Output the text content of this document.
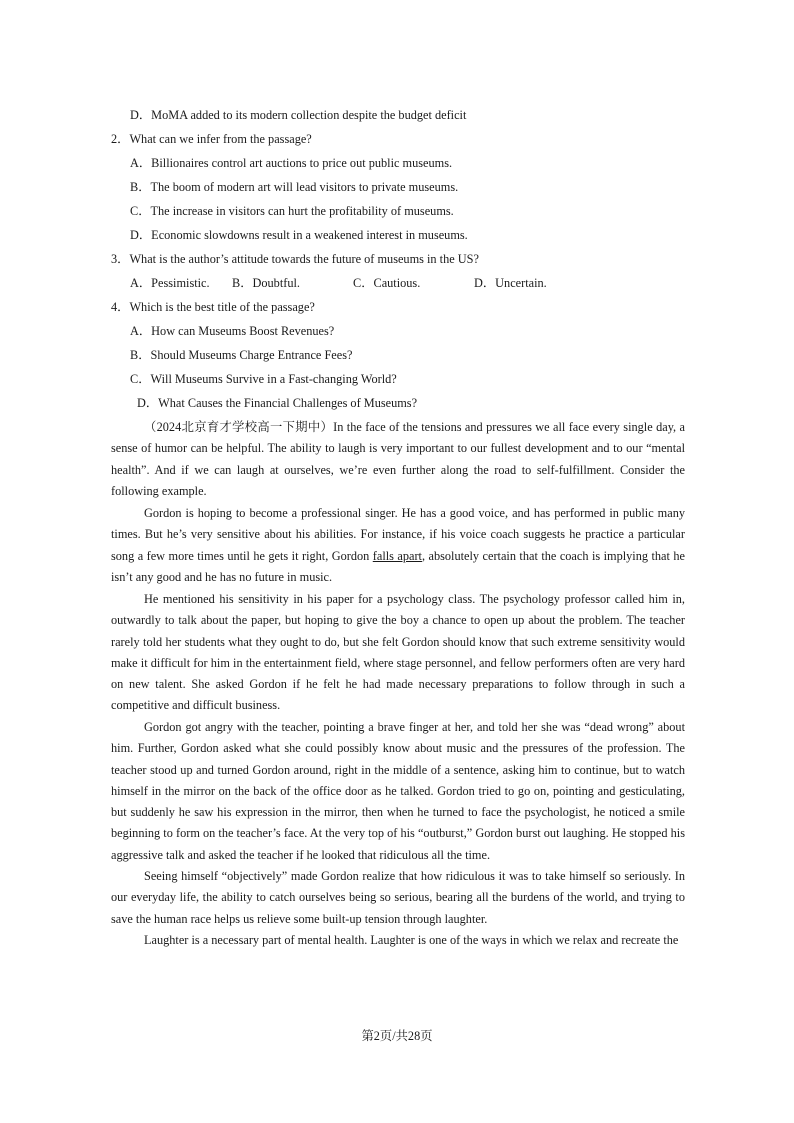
D．MoMA added to its modern collection despite the budget deficit
2．What can we infer from the passage?
A．Billionaires control art auctions to price out public museums.
B．The boom of modern art will lead visitors to private museums.
C．The increase in visitors can hurt the profitability of museums.
D．Economic slowdowns result in a weakened interest in museums.
3．What is the author’s attitude towards the future of museums in the US?
A．Pessimistic. B．Doubtful.	C．Cautious.	D．Uncertain.
4．Which is the best title of the passage?
A．How can Museums Boost Revenues?
B．Should Museums Charge Entrance Fees?
C．Will Museums Survive in a Fast-changing World?
D．What Causes the Financial Challenges of Museums?
（2024北京育才学校高一下期中）In the face of the tensions and pressures we all face every single day, a sense of humor can be helpful. The ability to laugh is very important to our fullest development and to our “mental health”. And if we can laugh at ourselves, we’re even further along the road to self-fulfillment. Consider the following example.
Gordon is hoping to become a professional singer. He has a good voice, and has performed in public many times. But he’s very sensitive about his abilities. For instance, if his voice coach suggests he practice a particular song a few more times until he gets it right, Gordon falls apart, absolutely certain that the coach is implying that he isn’t any good and he has no future in music.
He mentioned his sensitivity in his paper for a psychology class. The psychology professor called him in, outwardly to talk about the paper, but hoping to give the boy a chance to open up about the problem. The teacher rarely told her students what they ought to do, but she felt Gordon should know that such extreme sensitivity would make it difficult for him in the entertainment field, where stage personnel, and fellow performers often are very hard on new talent. She asked Gordon if he felt he had made necessary preparations to follow through in such a competitive and difficult business.
Gordon got angry with the teacher, pointing a brave finger at her, and told her she was “dead wrong” about him. Further, Gordon asked what she could possibly know about music and the pressures of the profession. The teacher stood up and turned Gordon around, right in the middle of a sentence, asking him to continue, but to watch himself in the mirror on the back of the office door as he talked. Gordon tried to go on, pointing and gesticulating, but suddenly he saw his expression in the mirror, then when he turned to face the psychologist, he noticed a smile beginning to form on the teacher’s face. At the very top of his “outburst,” Gordon burst out laughing. He stopped his aggressive talk and asked the teacher if he looked that ridiculous all the time.
Seeing himself “objectively” made Gordon realize that how ridiculous it was to take himself so seriously. In our everyday life, the ability to catch ourselves being so serious, bearing all the burdens of the world, and trying to save the human race helps us relieve some built-up tension through laughter.
Laughter is a necessary part of mental health. Laughter is one of the ways in which we relax and recreate the
第2页/共28页
